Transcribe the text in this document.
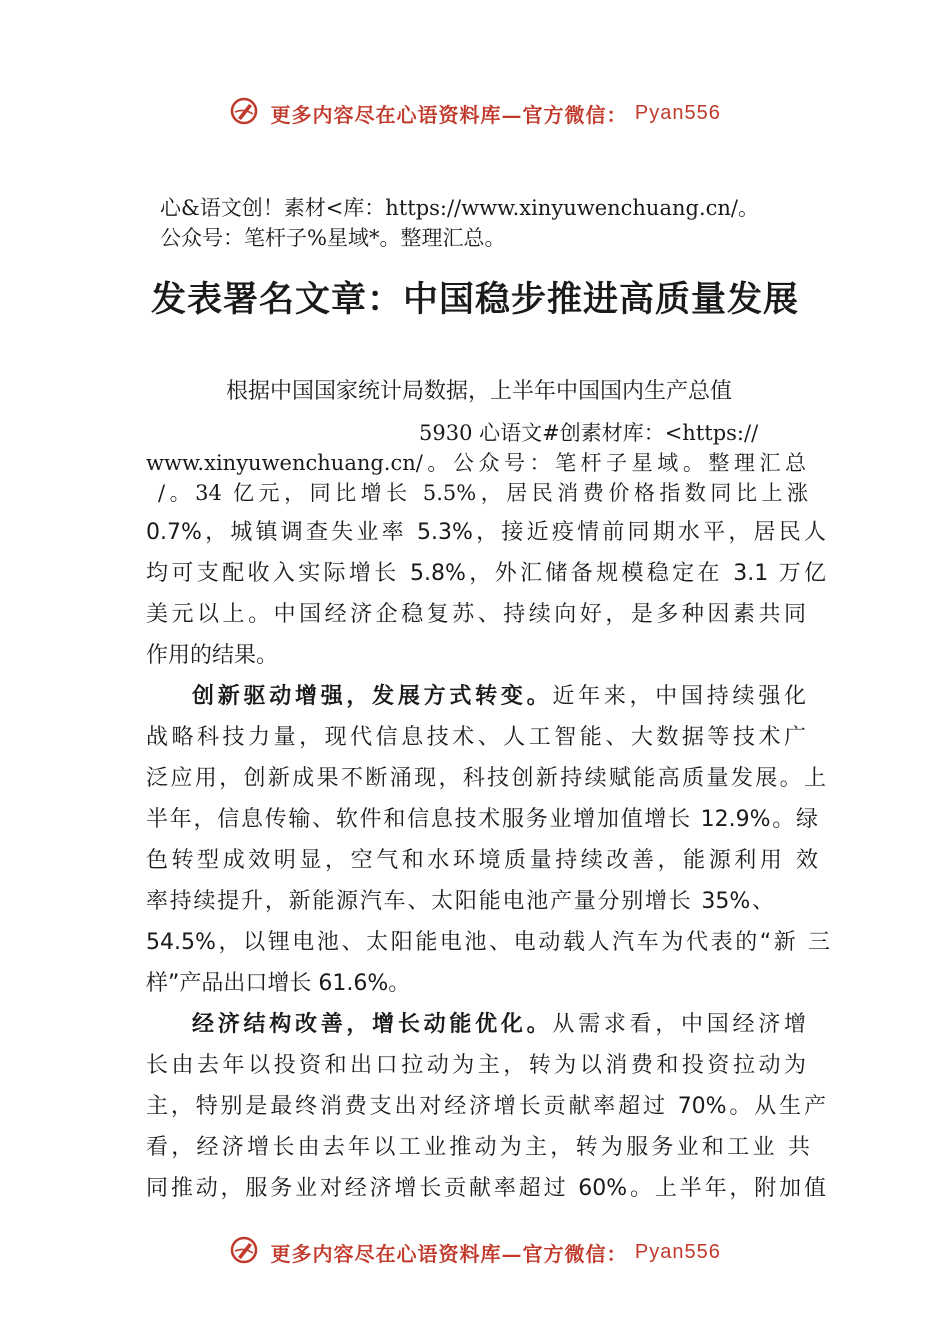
更多内容尽在心语资料库—官方微信： Pyan556
心&语文创！素材<库：https://www.xinyuwenchuang.cn/。
公众号：笔杆子%星域*。整理汇总。
发表署名文章：中国稳步推进高质量发展
根据中国国家统计局数据，上半年中国国内生产总值
5930 心语文#创素材库：<https://
www.xinyuwenchuang.cn/。公众号：笔杆子星域。整理汇总
/。34 亿元，同比增长 5.5%，居民消费价格指数同比上涨
0.7%，城镇调查失业率 5.3%，接近疫情前同期水平，居民人
均可支配收入实际增长 5.8%，外汇储备规模稳定在 3.1 万亿
美元以上。中国经济企稳复苏、持续向好，是多种因素共同
作用的结果。
创新驱动增强，发展方式转变。近年来，中国持续强化
战略科技力量，现代信息技术、人工智能、大数据等技术广
泛应用，创新成果不断涌现，科技创新持续赋能高质量发展。上
半年，信息传输、软件和信息技术服务业增加值增长 12.9%。绿
色转型成效明显，空气和水环境质量持续改善，能源利用 效
率持续提升，新能源汽车、太阳能电池产量分别增长 35%、
54.5%，以锂电池、太阳能电池、电动载人汽车为代表的“新 三
样”产品出口增长 61.6%。
经济结构改善，增长动能优化。从需求看，中国经济增
长由去年以投资和出口拉动为主，转为以消费和投资拉动为
主，特别是最终消费支出对经济增长贡献率超过 70%。从生产
看，经济增长由去年以工业推动为主，转为服务业和工业 共
同推动，服务业对经济增长贡献率超过 60%。上半年，附加值
更多内容尽在心语资料库—官方微信： Pyan556
